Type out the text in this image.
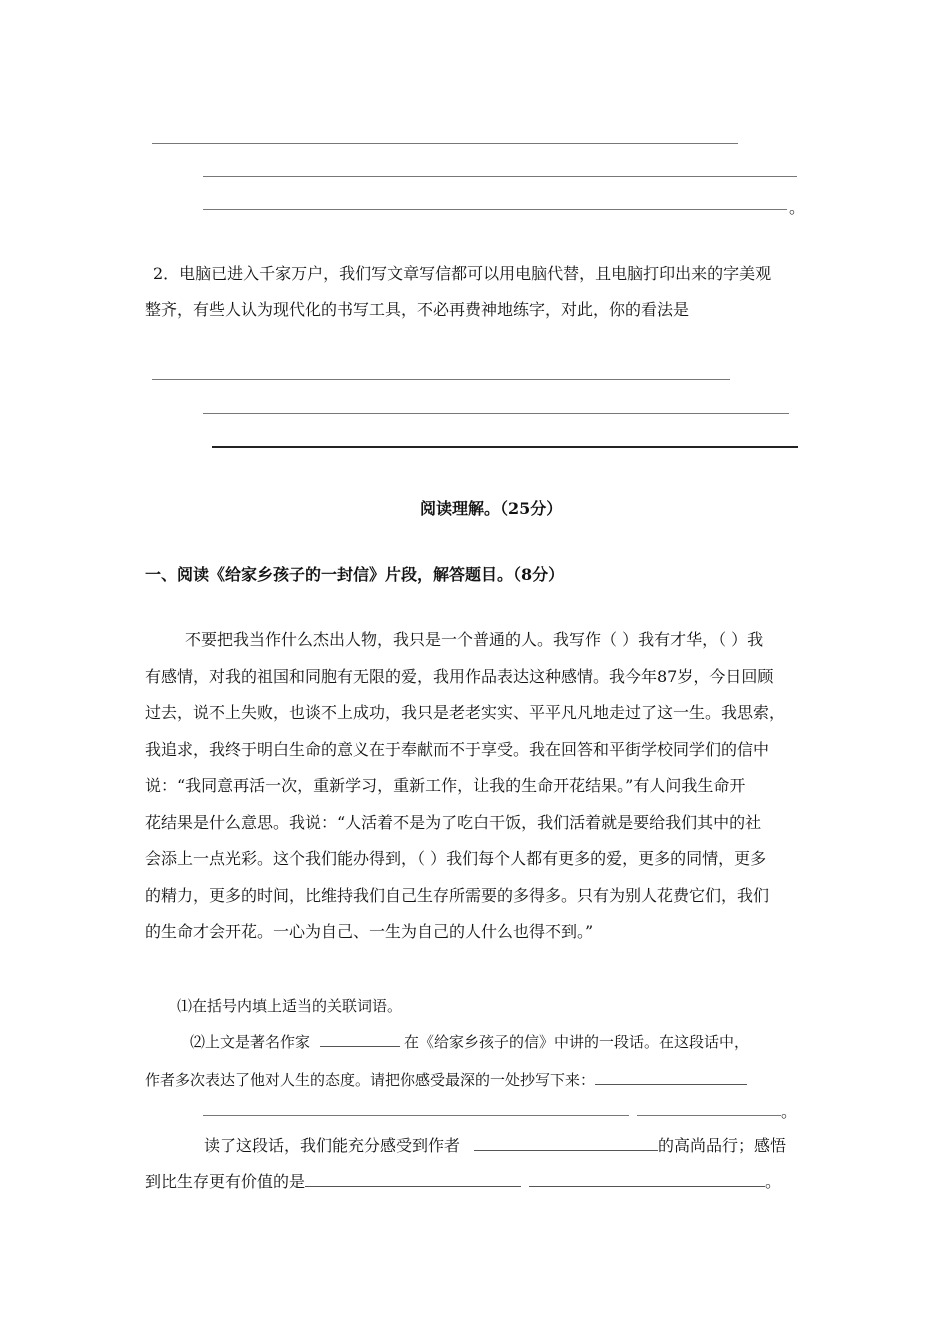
。
2．电脑已进入千家万户，我们写文章写信都可以用电脑代替，且电脑打印出来的字美观
整齐，有些人认为现代化的书写工具，不必再费神地练字，对此，你的看法是
阅读理解。（25分）
一、阅读《给家乡孩子的一封信》片段，解答题目。（8分）
不要把我当作什么杰出人物，我只是一个普通的人。我写作（ ）我有才华，（ ）我
有感情，对我的祖国和同胞有无限的爱，我用作品表达这种感情。我今年87岁，今日回顾
过去，说不上失败，也谈不上成功，我只是老老实实、平平凡凡地走过了这一生。我思索，
我追求，我终于明白生命的意义在于奉献而不于享受。我在回答和平街学校同学们的信中
说：“我同意再活一次，重新学习，重新工作，让我的生命开花结果。”有人问我生命开
花结果是什么意思。我说：“人活着不是为了吃白干饭，我们活着就是要给我们其中的社
会添上一点光彩。这个我们能办得到，（ ）我们每个人都有更多的爱，更多的同情，更多
的精力，更多的时间，比维持我们自己生存所需要的多得多。只有为别人花费它们，我们
的生命才会开花。一心为自己、一生为自己的人什么也得不到。”
⑴在括号内填上适当的关联词语。
⑵上文是著名作家	在《给家乡孩子的信》中讲的一段话。在这段话中，
作者多次表达了他对人生的态度。请把你感受最深的一处抄写下来：
。
读了这段话，我们能充分感受到作者	的高尚品行；感悟
到比生存更有价值的是	。
